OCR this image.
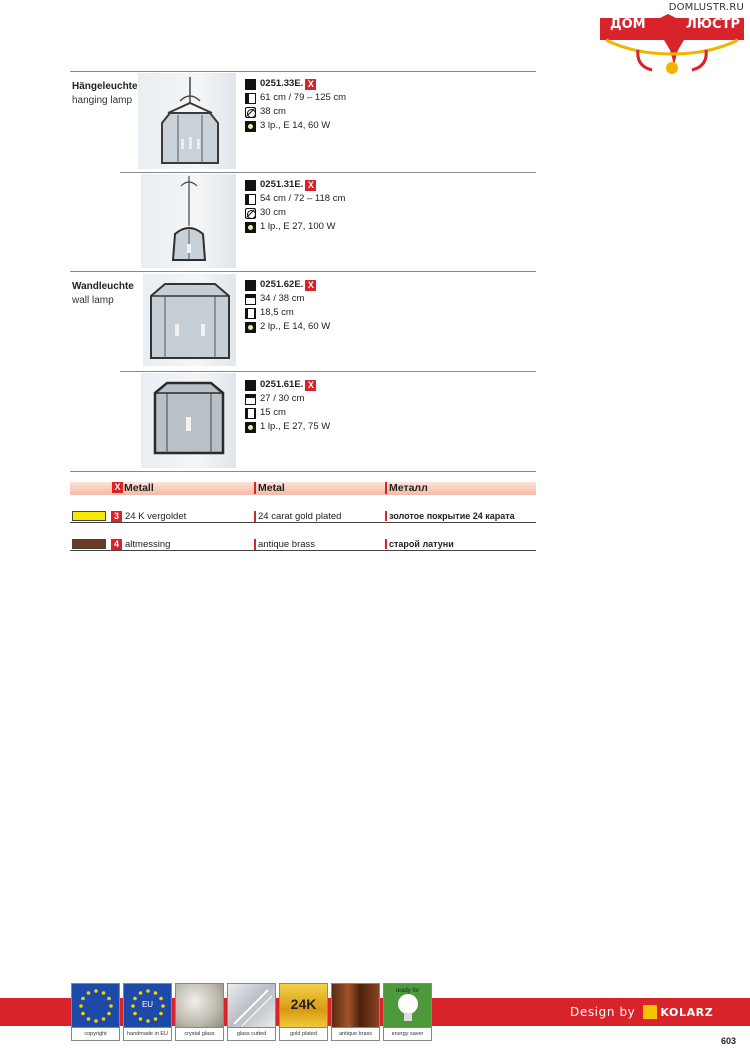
DOMLUSTR.RU
ДОМ	ЛЮСТР
Hängeleuchte
hanging lamp
0251.33E. X
61 cm / 79 – 125 cm
38 cm
3 lp., E 14, 60 W
0251.31E. X
54 cm / 72 – 118 cm
30 cm
1 lp., E 27, 100 W
Wandleuchte
wall lamp
0251.62E. X
34 / 38 cm
18,5 cm
2 lp., E 14, 60 W
0251.61E. X
27 / 30 cm
15 cm
1 lp., E 27, 75 W
X Metall	Metal	Металл
3 24 K vergoldet	24 carat gold plated	золотое покрытие 24 карата
4 altmessing	antique brass	старой латуни
copyright
EU
handmade in EU	crystal glass	glass cutted
24K
gold plated	antique brass
ready for
energy saver
Design by KOLARZ
603
